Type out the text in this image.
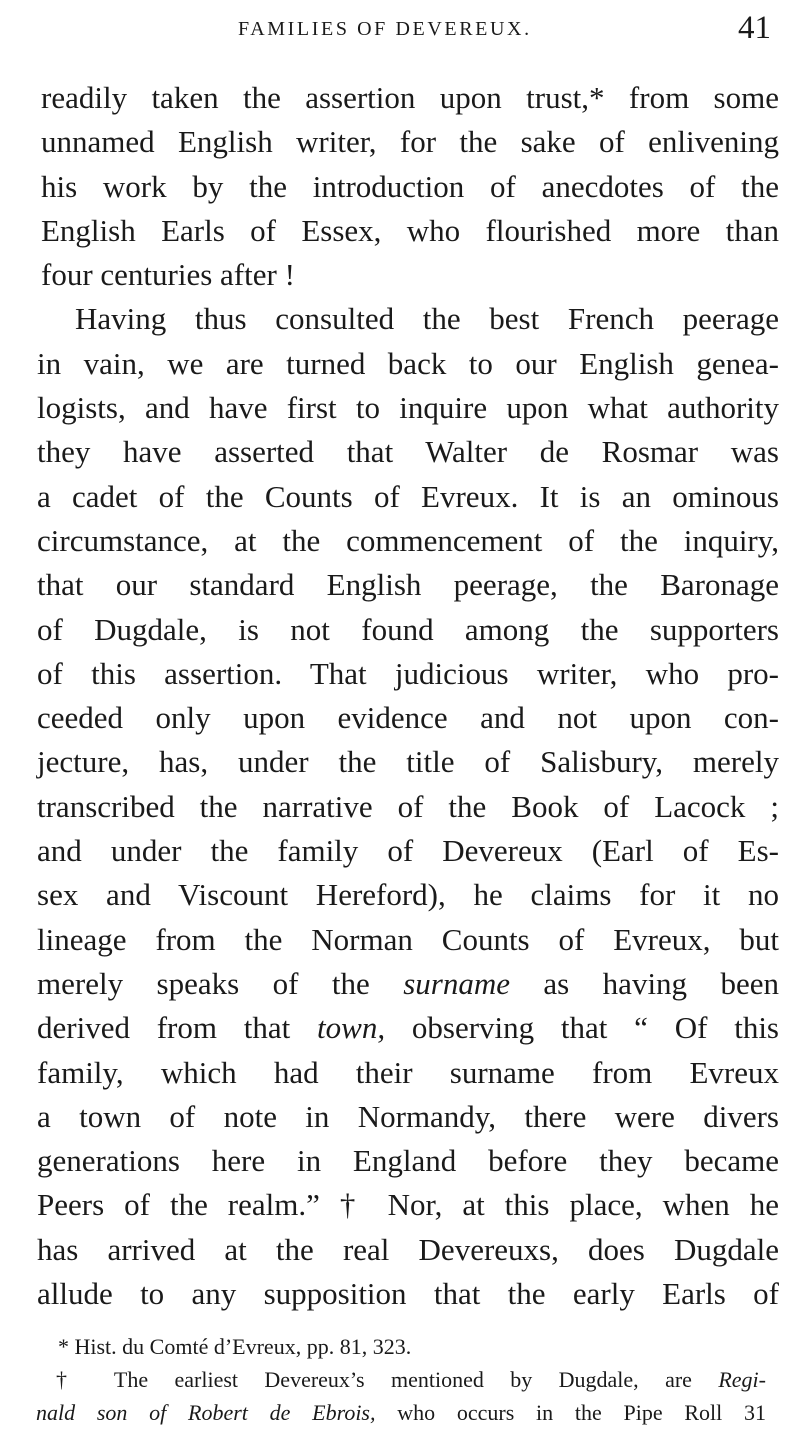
FAMILIES OF DEVEREUX.	41
readily taken the assertion upon trust,* from some
unnamed English writer, for the sake of enlivening
his work by the introduction of anecdotes of the
English Earls of Essex, who flourished more than
four centuries after !
Having thus consulted the best French peerage
in vain, we are turned back to our English genea-
logists, and have first to inquire upon what authority
they have asserted that Walter de Rosmar was
a cadet of the Counts of Evreux. It is an ominous
circumstance, at the commencement of the inquiry,
that our standard English peerage, the Baronage
of Dugdale, is not found among the supporters
of this assertion. That judicious writer, who pro-
ceeded only upon evidence and not upon con-
jecture, has, under the title of Salisbury, merely
transcribed the narrative of the Book of Lacock ;
and under the family of Devereux (Earl of Es-
sex and Viscount Hereford), he claims for it no
lineage from the Norman Counts of Evreux, but
merely speaks of the surname as having been
derived from that town, observing that “ Of this
family, which had their surname from Evreux
a town of note in Normandy, there were divers
generations here in England before they became
Peers of the realm.” † Nor, at this place, when he
has arrived at the real Devereuxs, does Dugdale
allude to any supposition that the early Earls of
* Hist. du Comté d’Evreux, pp. 81, 323.
† The earliest Devereux’s mentioned by Dugdale, are Regi-
nald son of Robert de Ebrois, who occurs in the Pipe Roll 31
